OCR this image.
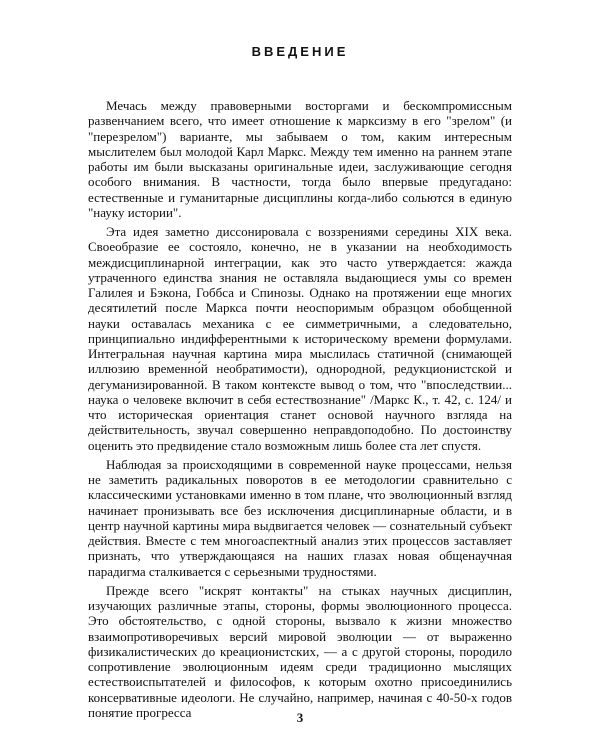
ВВЕДЕНИЕ

Мечась между правоверными восторгами и бескомпромиссным развенчанием всего, что имеет отношение к марксизму в его "зрелом" (и "перезрелом") варианте, мы забываем о том, каким интересным мыслителем был молодой Карл Маркс. Между тем именно на раннем этапе работы им были высказаны оригинальные идеи, заслуживающие сегодня особого внимания. В частности, тогда было впервые предугадано: естественные и гуманитарные дисциплины когда-либо сольются в единую "науку истории".

Эта идея заметно диссонировала с воззрениями середины XIX века. Своеобразие ее состояло, конечно, не в указании на необходимость междисциплинарной интеграции, как это часто утверждается: жажда утраченного единства знания не оставляла выдающиеся умы со времен Галилея и Бэкона, Гоббса и Спинозы. Однако на протяжении еще многих десятилетий после Маркса почти неоспоримым образцом обобщенной науки оставалась механика с ее симметричными, а следовательно, принципиально индифферентными к историческому времени формулами. Интегральная научная картина мира мыслилась статичной (снимающей иллюзию временно́й необратимости), однородной, редукционистской и дегуманизированной. В таком контексте вывод о том, что "впоследствии... наука о человеке включит в себя естествознание" /Маркс К., т. 42, с. 124/ и что историческая ориентация станет основой научного взгляда на действительность, звучал совершенно неправдоподобно. По достоинству оценить это предвидение стало возможным лишь более ста лет спустя.

Наблюдая за происходящими в современной науке процессами, нельзя не заметить радикальных поворотов в ее методологии сравнительно с классическими установками именно в том плане, что эволюционный взгляд начинает пронизывать все без исключения дисциплинарные области, и в центр научной картины мира выдвигается человек — сознательный субъект действия. Вместе с тем многоаспектный анализ этих процессов заставляет признать, что утверждающаяся на наших глазах новая общенаучная парадигма сталкивается с серьезными трудностями.

Прежде всего "искрят контакты" на стыках научных дисциплин, изучающих различные этапы, стороны, формы эволюционного процесса. Это обстоятельство, с одной стороны, вызвало к жизни множество взаимопротиворечивых версий мировой эволюции — от выраженно физикалистических до креационистских, — а с другой стороны, породило сопротивление эволюционным идеям среди традиционно мыслящих естествоиспытателей и философов, к которым охотно присоединились консервативные идеологи. Не случайно, например, начиная с 40-50-х годов понятие прогресса	3
